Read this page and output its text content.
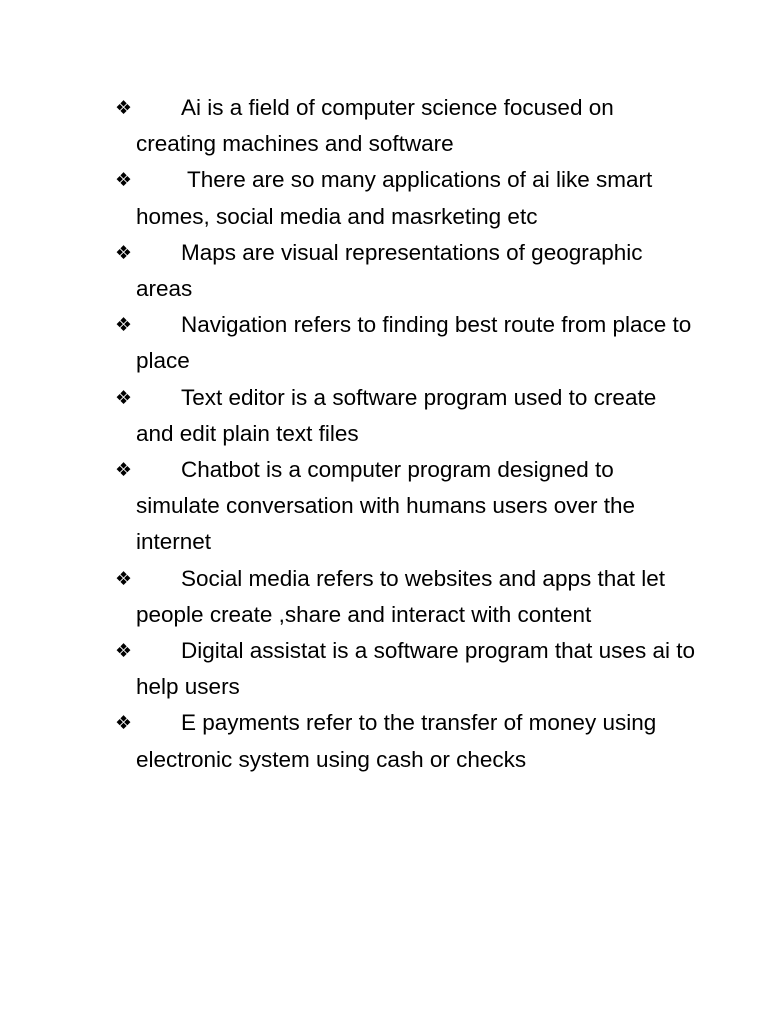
❖ Ai is a field of computer science focused on creating machines and software
❖ There are so many applications of ai like smart homes, social media and masrketing etc
❖ Maps are visual representations of geographic areas
❖ Navigation refers to finding best route from place to place
❖ Text editor is a software program used to create and edit plain text files
❖ Chatbot is a computer program designed to simulate conversation with humans users over the internet
❖ Social media refers to websites and apps that let people create ,share and interact with content
❖ Digital assistat is a software program that uses ai to help users
❖ E payments refer to the transfer of money using electronic system using cash or checks
